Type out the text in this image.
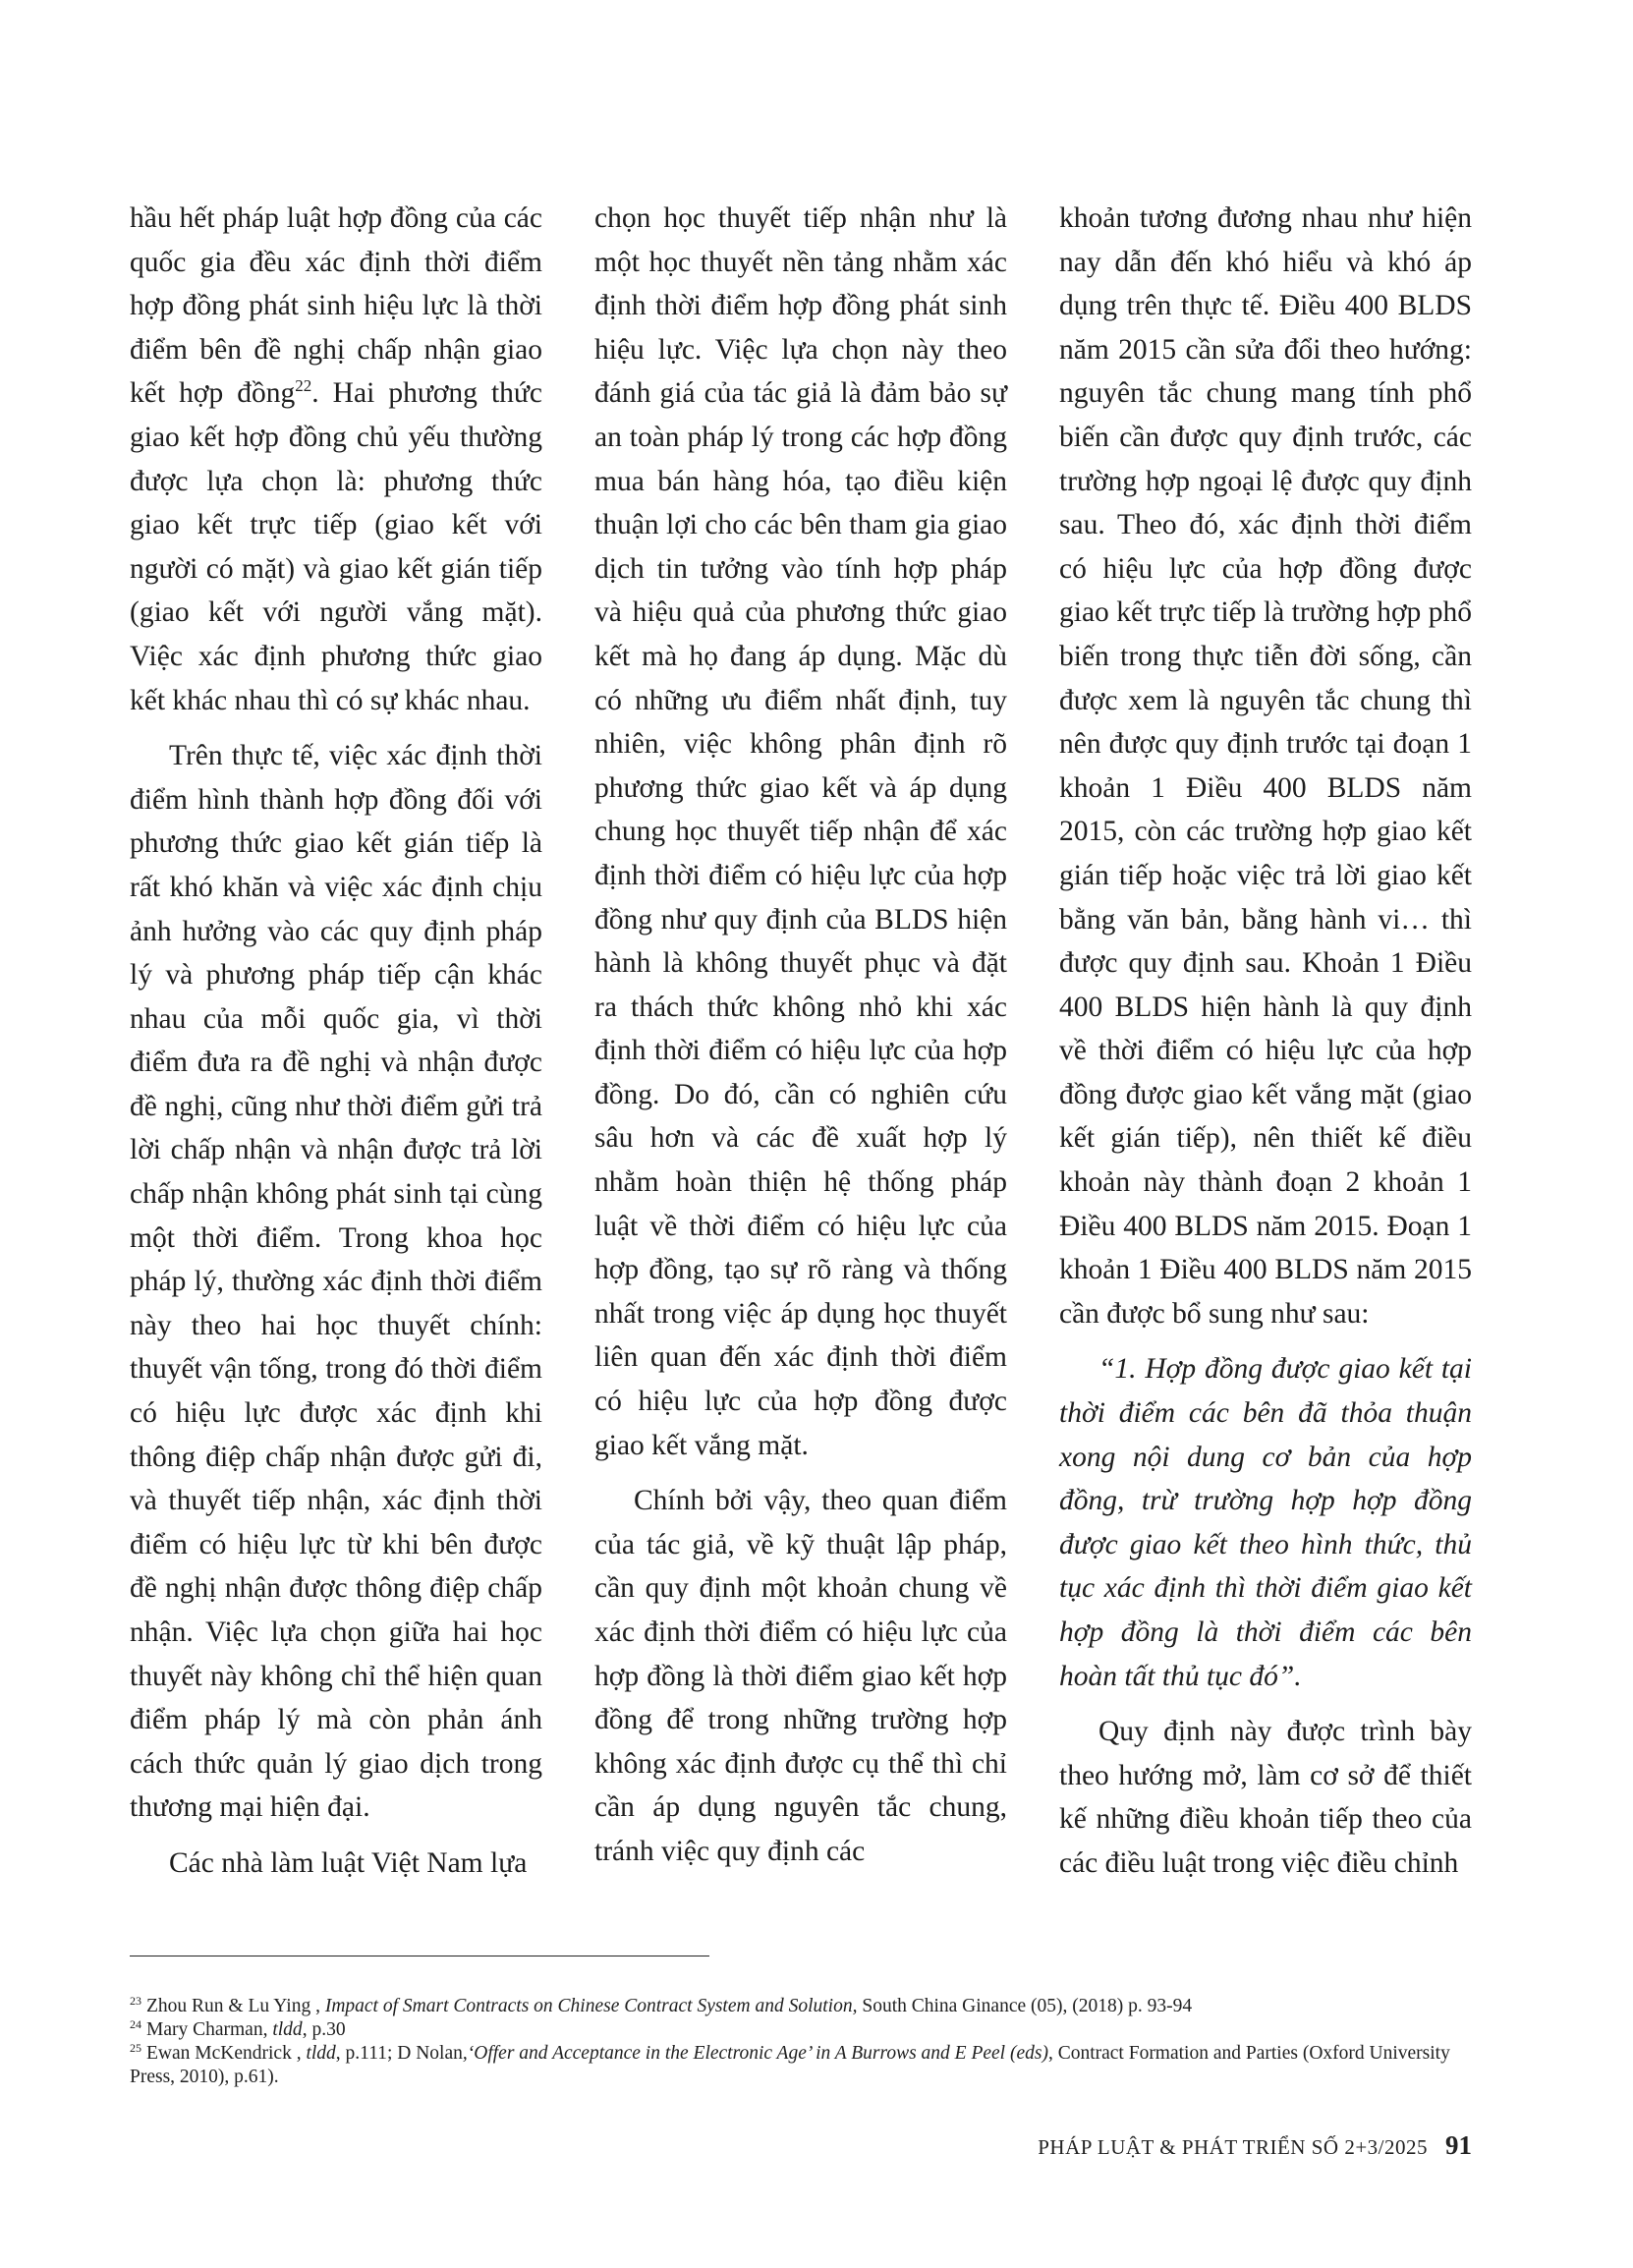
hầu hết pháp luật hợp đồng của các quốc gia đều xác định thời điểm hợp đồng phát sinh hiệu lực là thời điểm bên đề nghị chấp nhận giao kết hợp đồng$^{22}$. Hai phương thức giao kết hợp đồng chủ yếu thường được lựa chọn là: phương thức giao kết trực tiếp (giao kết với người có mặt) và giao kết gián tiếp (giao kết với người vắng mặt). Việc xác định phương thức giao kết khác nhau thì có sự khác nhau.

Trên thực tế, việc xác định thời điểm hình thành hợp đồng đối với phương thức giao kết gián tiếp là rất khó khăn và việc xác định chịu ảnh hưởng vào các quy định pháp lý và phương pháp tiếp cận khác nhau của mỗi quốc gia, vì thời điểm đưa ra đề nghị và nhận được đề nghị, cũng như thời điểm gửi trả lời chấp nhận và nhận được trả lời chấp nhận không phát sinh tại cùng một thời điểm. Trong khoa học pháp lý, thường xác định thời điểm này theo hai học thuyết chính: thuyết vận tống, trong đó thời điểm có hiệu lực được xác định khi thông điệp chấp nhận được gửi đi, và thuyết tiếp nhận, xác định thời điểm có hiệu lực từ khi bên được đề nghị nhận được thông điệp chấp nhận. Việc lựa chọn giữa hai học thuyết này không chỉ thể hiện quan điểm pháp lý mà còn phản ánh cách thức quản lý giao dịch trong thương mại hiện đại.

Các nhà làm luật Việt Nam lựa

chọn học thuyết tiếp nhận như là một học thuyết nền tảng nhằm xác định thời điểm hợp đồng phát sinh hiệu lực. Việc lựa chọn này theo đánh giá của tác giả là đảm bảo sự an toàn pháp lý trong các hợp đồng mua bán hàng hóa, tạo điều kiện thuận lợi cho các bên tham gia giao dịch tin tưởng vào tính hợp pháp và hiệu quả của phương thức giao kết mà họ đang áp dụng. Mặc dù có những ưu điểm nhất định, tuy nhiên, việc không phân định rõ phương thức giao kết và áp dụng chung học thuyết tiếp nhận để xác định thời điểm có hiệu lực của hợp đồng như quy định của BLDS hiện hành là không thuyết phục và đặt ra thách thức không nhỏ khi xác định thời điểm có hiệu lực của hợp đồng. Do đó, cần có nghiên cứu sâu hơn và các đề xuất hợp lý nhằm hoàn thiện hệ thống pháp luật về thời điểm có hiệu lực của hợp đồng, tạo sự rõ ràng và thống nhất trong việc áp dụng học thuyết liên quan đến xác định thời điểm có hiệu lực của hợp đồng được giao kết vắng mặt.

Chính bởi vậy, theo quan điểm của tác giả, về kỹ thuật lập pháp, cần quy định một khoản chung về xác định thời điểm có hiệu lực của hợp đồng là thời điểm giao kết hợp đồng để trong những trường hợp không xác định được cụ thể thì chỉ cần áp dụng nguyên tắc chung, tránh việc quy định các

khoản tương đương nhau như hiện nay dẫn đến khó hiểu và khó áp dụng trên thực tế. Điều 400 BLDS năm 2015 cần sửa đổi theo hướng: nguyên tắc chung mang tính phổ biến cần được quy định trước, các trường hợp ngoại lệ được quy định sau. Theo đó, xác định thời điểm có hiệu lực của hợp đồng được giao kết trực tiếp là trường hợp phổ biến trong thực tiễn đời sống, cần được xem là nguyên tắc chung thì nên được quy định trước tại đoạn 1 khoản 1 Điều 400 BLDS năm 2015, còn các trường hợp giao kết gián tiếp hoặc việc trả lời giao kết bằng văn bản, bằng hành vi… thì được quy định sau. Khoản 1 Điều 400 BLDS hiện hành là quy định về thời điểm có hiệu lực của hợp đồng được giao kết vắng mặt (giao kết gián tiếp), nên thiết kế điều khoản này thành đoạn 2 khoản 1 Điều 400 BLDS năm 2015. Đoạn 1 khoản 1 Điều 400 BLDS năm 2015 cần được bổ sung như sau:

“1. Hợp đồng được giao kết tại thời điểm các bên đã thỏa thuận xong nội dung cơ bản của hợp đồng, trừ trường hợp hợp đồng được giao kết theo hình thức, thủ tục xác định thì thời điểm giao kết hợp đồng là thời điểm các bên hoàn tất thủ tục đó”.

Quy định này được trình bày theo hướng mở, làm cơ sở để thiết kế những điều khoản tiếp theo của các điều luật trong việc điều chỉnh

$^{23}$ Zhou Run & Lu Ying , Impact of Smart Contracts on Chinese Contract System and Solution, South China Ginance (05), (2018) p. 93-94

$^{24}$ Mary Charman, tldd, p.30

$^{25}$ Ewan McKendrick , tldd, p.111; D Nolan,‘Offer and Acceptance in the Electronic Age’ in A Burrows and E Peel (eds), Contract Formation and Parties (Oxford University Press, 2010), p.61).

PHÁP LUẬT & PHÁT TRIỂN SỐ 2+3/2025 91
